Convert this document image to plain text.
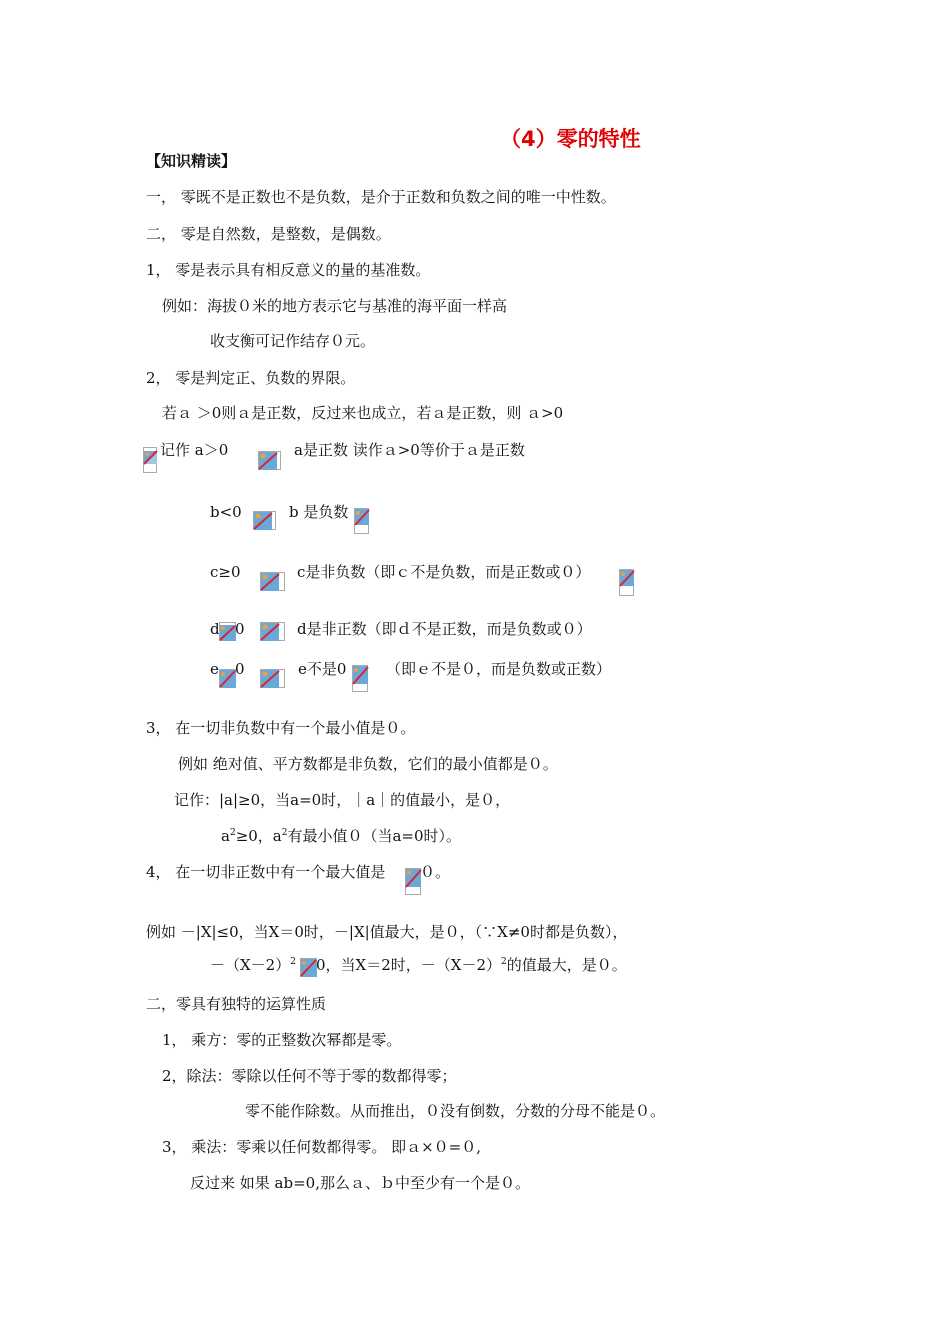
（4）零的特性
【知识精读】
一， 零既不是正数也不是负数，是介于正数和负数之间的唯一中性数。
二， 零是自然数，是整数，是偶数。
1， 零是表示具有相反意义的量的基准数。
例如：海拔０米的地方表示它与基准的海平面一样高
收支衡可记作结存０元。
2， 零是判定正、负数的界限。
若ａ ＞0则ａ是正数，反过来也成立，若ａ是正数，则 ａ>0
记作 a＞0	a是正数 读作ａ>0等价于ａ是正数
b<0	b 是负数
c≥0	c是非负数（即ｃ不是负数，而是正数或０）
d 0	d是非正数（即ｄ不是正数，而是负数或０）
e 0	e不是0	（即ｅ不是０，而是负数或正数）
3， 在一切非负数中有一个最小值是０。
例如 绝对值、平方数都是非负数，它们的最小值都是０。
记作：|a|≥0，当a=0时，｜a｜的值最小，是０，
$a^2\ge 0$，$a^2$有最小值０（当a=0时）。
4， 在一切非正数中有一个最大值是 ０。
例如 －|X|≤0，当X＝0时，－|X|值最大，是０，（∵X≠0时都是负数），
$-(X-2)^2$ 0，当X＝2时，$-(X-2)^2$的值最大，是０。
二，零具有独特的运算性质
1， 乘方：零的正整数次幂都是零。
2，除法：零除以任何不等于零的数都得零；
零不能作除数。从而推出，０没有倒数，分数的分母不能是０。
3， 乘法：零乘以任何数都得零。 即ａ×０=０,
反过来 如果 ab=0,那么ａ、ｂ中至少有一个是０。
